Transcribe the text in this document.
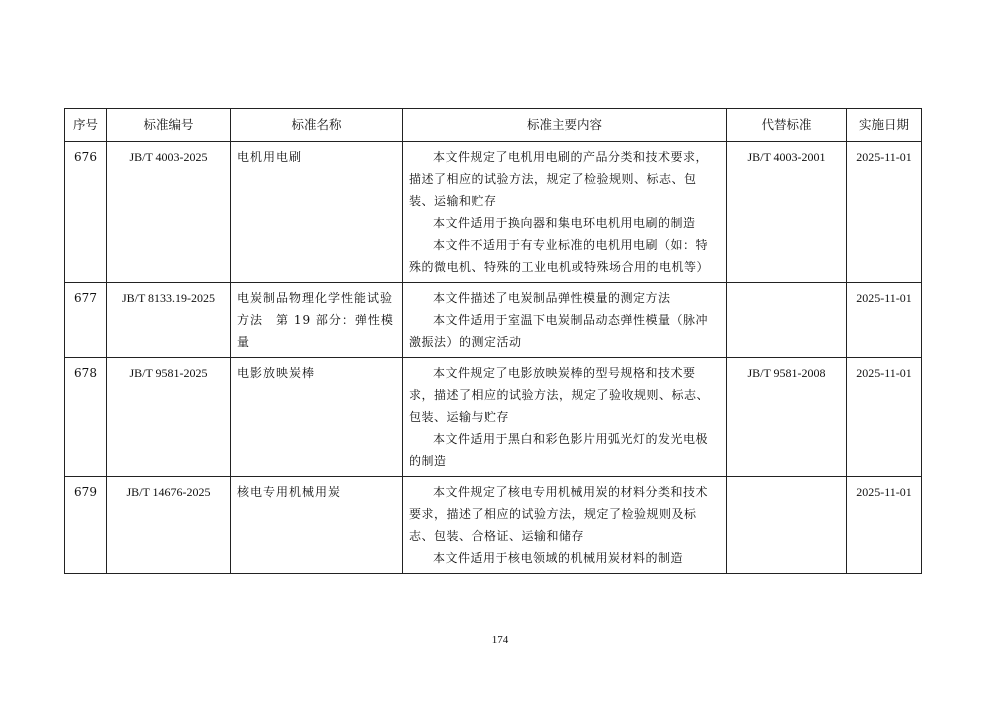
序号	标准编号	标准名称	标准主要内容	代替标准	实施日期
676	JB/T 4003-2025	电机用电刷	本文件规定了电机用电刷的产品分类和技术要求，描述了相应的试验方法，规定了检验规则、标志、包装、运输和贮存

本文件适用于换向器和集电环电机用电刷的制造

本文件不适用于有专业标准的电机用电刷（如：特殊的微电机、特殊的工业电机或特殊场合用的电机等）	JB/T 4003-2001	2025-11-01
677	JB/T 8133.19-2025	电炭制品物理化学性能试验方法　第 19 部分：弹性模量	本文件描述了电炭制品弹性模量的测定方法

本文件适用于室温下电炭制品动态弹性模量（脉冲激振法）的测定活动		2025-11-01
678	JB/T 9581-2025	电影放映炭棒	本文件规定了电影放映炭棒的型号规格和技术要求，描述了相应的试验方法，规定了验收规则、标志、包装、运输与贮存

本文件适用于黑白和彩色影片用弧光灯的发光电极的制造	JB/T 9581-2008	2025-11-01
679	JB/T 14676-2025	核电专用机械用炭	本文件规定了核电专用机械用炭的材料分类和技术要求，描述了相应的试验方法，规定了检验规则及标志、包装、合格证、运输和储存

本文件适用于核电领域的机械用炭材料的制造		2025-11-01
174
